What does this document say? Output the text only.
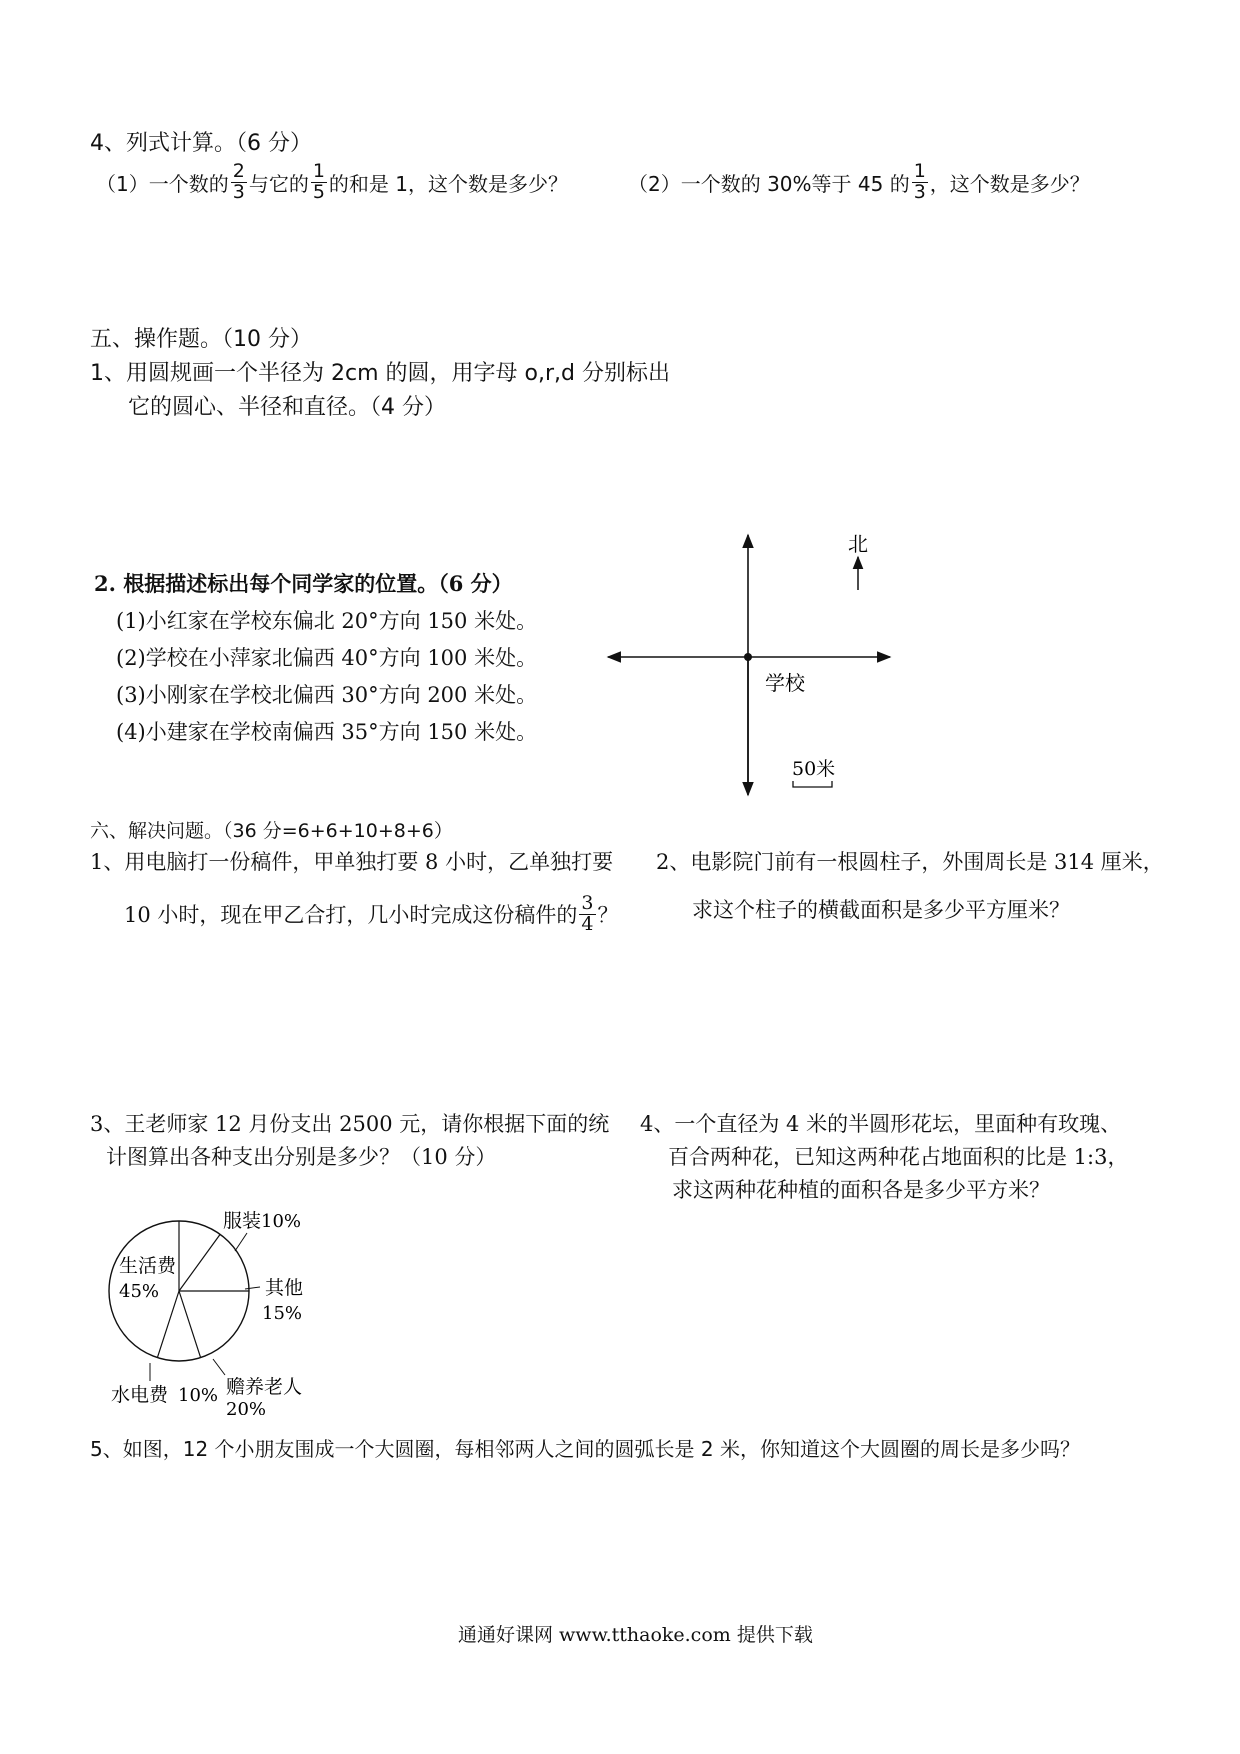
4、列式计算。（6 分）
（1）一个数的 $\frac{2}{3}$ 与它的 $\frac{1}{5}$ 的和是 1，这个数是多少？	（2）一个数的 30%等于 45 的 $\frac{1}{3}$ ，这个数是多少？
五、操作题。（10 分）
1、用圆规画一个半径为 2cm 的圆，用字母 o,r,d 分别标出
它的圆心、半径和直径。（4 分）
2. 根据描述标出每个同学家的位置。（6 分）
(1)小红家在学校东偏北 20°方向 150 米处。
(2)学校在小萍家北偏西 40°方向 100 米处。
(3)小刚家在学校北偏西 30°方向 200 米处。
(4)小建家在学校南偏西 35°方向 150 米处。
北
学校
50米
六、解决问题。（36 分=6+6+10+8+6）
1、用电脑打一份稿件，甲单独打要 8 小时，乙单独打要
10 小时，现在甲乙合打，几小时完成这份稿件的 $\frac{3}{4}$ ？
2、电影院门前有一根圆柱子，外围周长是 314 厘米，
求这个柱子的横截面积是多少平方厘米？
3、王老师家 12 月份支出 2500 元，请你根据下面的统
计图算出各种支出分别是多少？（10 分）
4、一个直径为 4 米的半圆形花坛，里面种有玫瑰、
百合两种花，已知这两种花占地面积的比是 1:3，
求这两种花种植的面积各是多少平方米？
生活费
45%
服装 10%
其他
15%
赡养老人
20%
水电费 10%
5、如图，12 个小朋友围成一个大圆圈，每相邻两人之间的圆弧长是 2 米，你知道这个大圆圈的周长是多少吗？
通通好课网 www.tthaoke.com 提供下载
